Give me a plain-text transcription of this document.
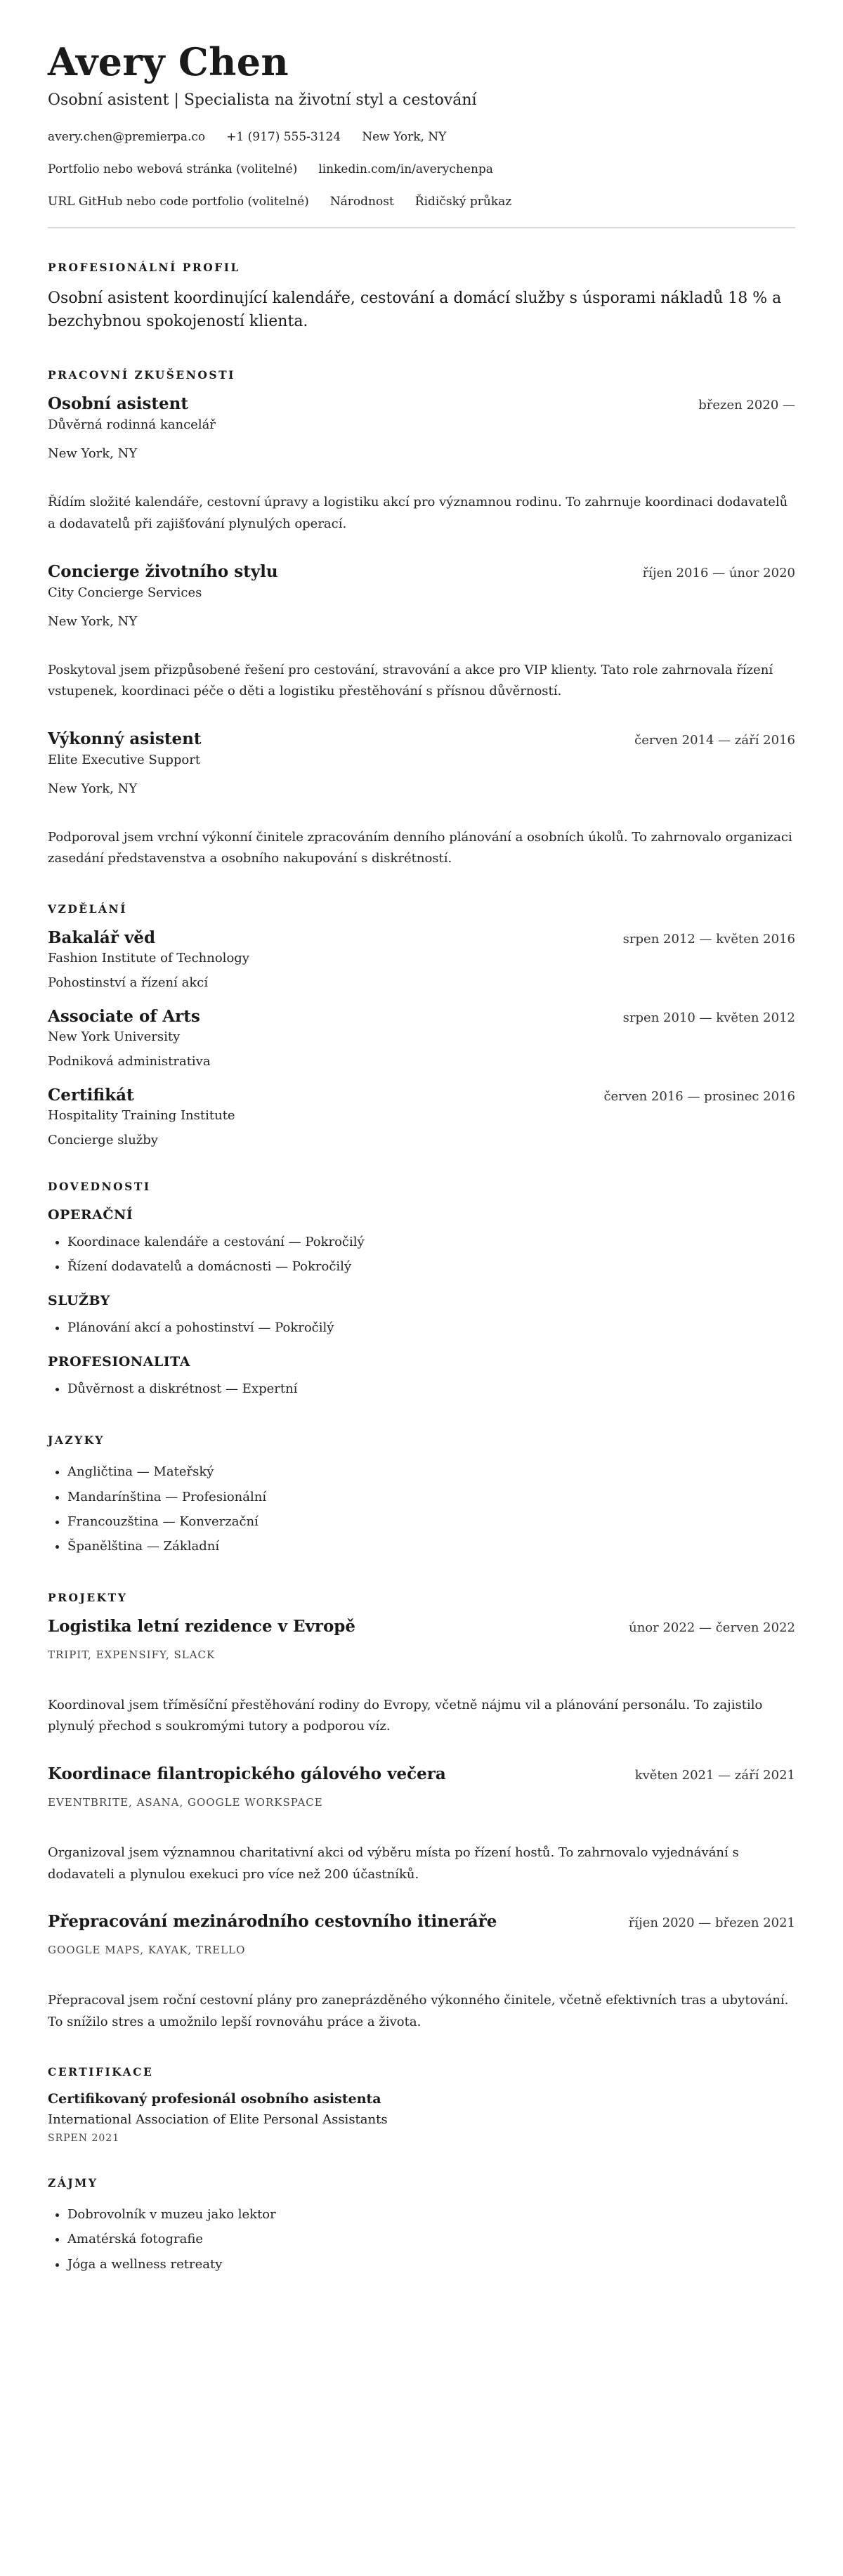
Avery Chen
Osobní asistent | Specialista na životní styl a cestování
avery.chen@premierpa.co +1 (917) 555-3124 New York, NY
Portfolio nebo webová stránka (volitelné) linkedin.com/in/averychenpa
URL GitHub nebo code portfolio (volitelné) Národnost Řidičský průkaz
PROFESIONÁLNÍ PROFIL
Osobní asistent koordinující kalendáře, cestování a domácí služby s úsporami nákladů 18 % a bezchybnou spokojeností klienta.
PRACOVNÍ ZKUŠENOSTI
Osobní asistent	březen 2020 —
Důvěrná rodinná kancelář
New York, NY
Řídím složité kalendáře, cestovní úpravy a logistiku akcí pro významnou rodinu. To zahrnuje koordinaci dodavatelů a dodavatelů při zajišťování plynulých operací.
Concierge životního stylu	říjen 2016 — únor 2020
City Concierge Services
New York, NY
Poskytoval jsem přizpůsobené řešení pro cestování, stravování a akce pro VIP klienty. Tato role zahrnovala řízení vstupenek, koordinaci péče o děti a logistiku přestěhování s přísnou důvěrností.
Výkonný asistent	červen 2014 — září 2016
Elite Executive Support
New York, NY
Podporoval jsem vrchní výkonní činitele zpracováním denního plánování a osobních úkolů. To zahrnovalo organizaci zasedání představenstva a osobního nakupování s diskrétností.
VZDĚLÁNÍ
Bakalář věd	srpen 2012 — květen 2016
Fashion Institute of Technology
Pohostinství a řízení akcí
Associate of Arts	srpen 2010 — květen 2012
New York University
Podniková administrativa
Certifikát	červen 2016 — prosinec 2016
Hospitality Training Institute
Concierge služby
DOVEDNOSTI
OPERAČNÍ
• Koordinace kalendáře a cestování — Pokročilý
• Řízení dodavatelů a domácnosti — Pokročilý
SLUŽBY
• Plánování akcí a pohostinství — Pokročilý
PROFESIONALITA
• Důvěrnost a diskrétnost — Expertní
JAZYKY
• Angličtina — Mateřský
• Mandarínština — Profesionální
• Francouzština — Konverzační
• Španělština — Základní
PROJEKTY
Logistika letní rezidence v Evropě	únor 2022 — červen 2022
TRIPIT, EXPENSIFY, SLACK
Koordinoval jsem tříměsíční přestěhování rodiny do Evropy, včetně nájmu vil a plánování personálu. To zajistilo plynulý přechod s soukromými tutory a podporou víz.
Koordinace filantropického gálového večera	květen 2021 — září 2021
EVENTBRITE, ASANA, GOOGLE WORKSPACE
Organizoval jsem významnou charitativní akci od výběru místa po řízení hostů. To zahrnovalo vyjednávání s dodavateli a plynulou exekuci pro více než 200 účastníků.
Přepracování mezinárodního cestovního itineráře	říjen 2020 — březen 2021
GOOGLE MAPS, KAYAK, TRELLO
Přepracoval jsem roční cestovní plány pro zaneprázděného výkonného činitele, včetně efektivních tras a ubytování. To snížilo stres a umožnilo lepší rovnováhu práce a života.
CERTIFIKACE
Certifikovaný profesionál osobního asistenta
International Association of Elite Personal Assistants
SRPEN 2021
ZÁJMY
• Dobrovolník v muzeu jako lektor
• Amatérská fotografie
• Jóga a wellness retreaty
